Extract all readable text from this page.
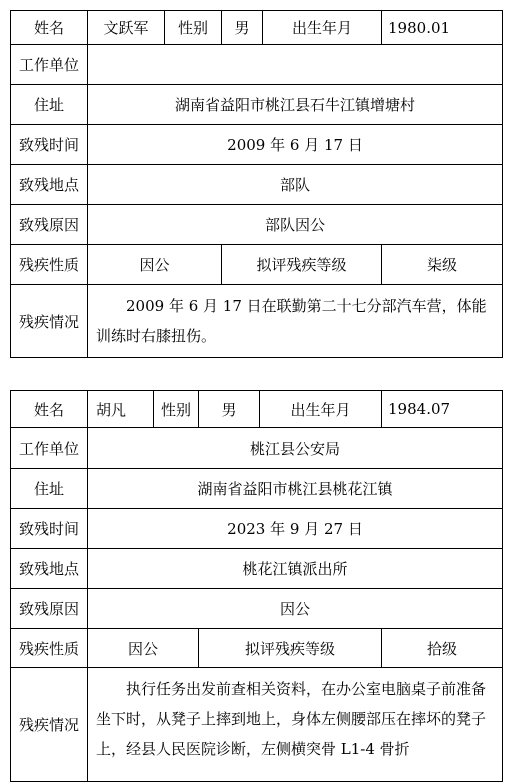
姓名	文跃军	性别	男	出生年月	1980.01
工作单位					
住址	湖南省益阳市桃江县石牛江镇增塘村				
致残时间	2009 年 6 月 17 日				
致残地点	部队				
致残原因	部队因公				
残疾性质	因公		拟评残疾等级		柒级
残疾情况	2009 年 6 月 17 日在联勤第二十七分部汽车营，体能训练时右膝扭伤。				
姓名	胡凡	性别	男	出生年月	1984.07
工作单位	桃江县公安局				
住址	湖南省益阳市桃江县桃花江镇				
致残时间	2023 年 9 月 27 日				
致残地点	桃花江镇派出所				
致残原因	因公				
残疾性质	因公		拟评残疾等级		拾级
残疾情况	执行任务出发前查相关资料，在办公室电脑桌子前准备坐下时，从凳子上摔到地上，身体左侧腰部压在摔坏的凳子上，经县人民医院诊断，左侧横突骨 L1-4 骨折				
